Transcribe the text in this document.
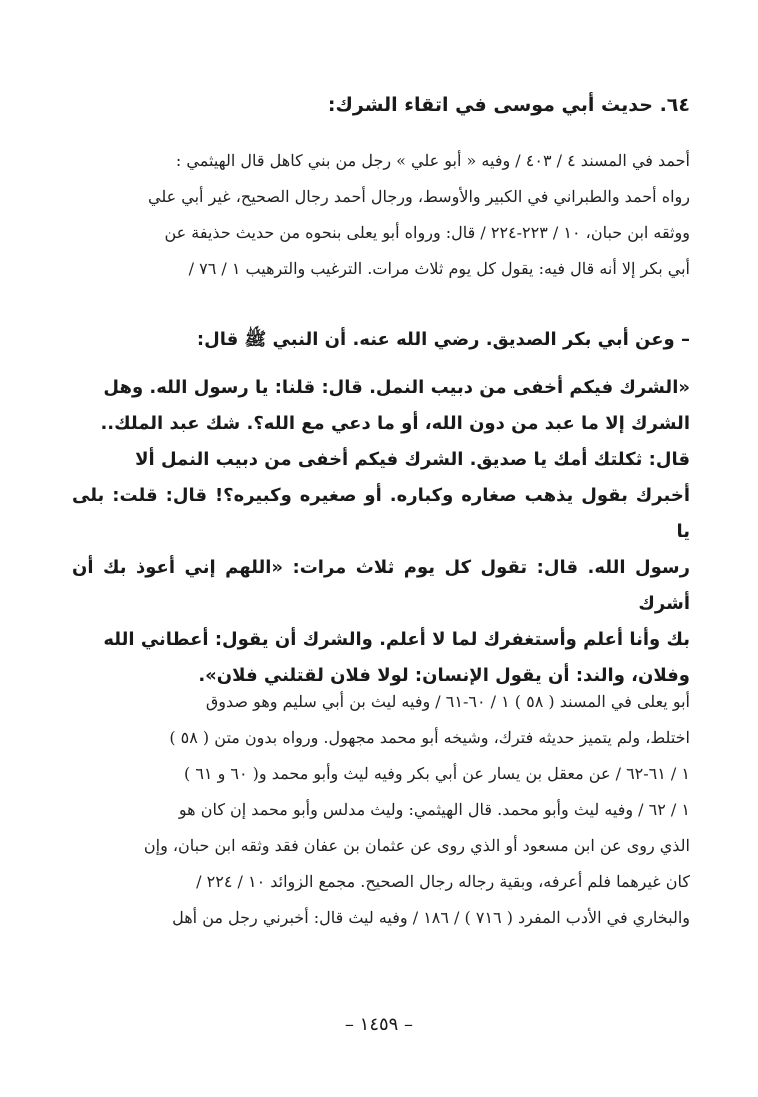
٦٤. حديث أبي موسى في اتقاء الشرك:

أحمد في المسند ٤ / ٤٠٣ / وفيه « أبو علي » رجل من بني كاهل قال الهيثمي :

رواه أحمد والطبراني في الكبير والأوسط، ورجال أحمد رجال الصحيح، غير أبي علي

ووثقه ابن حبان، ١٠ / ٢٢٣-٢٢٤ / قال: ورواه أبو يعلى بنحوه من حديث حذيفة عن

أبي بكر إلا أنه قال فيه: يقول كل يوم ثلاث مرات. الترغيب والترهيب ١ / ٧٦ /

– وعن أبي بكر الصديق. رضي الله عنه. أن النبي ﷺ قال:

«الشرك فيكم أخفى من دبيب النمل. قال: قلنا: يا رسول الله. وهل

الشرك إلا ما عبد من دون الله، أو ما دعي مع الله؟. شك عبد الملك..

قال: ثكلتك أمك يا صديق. الشرك فيكم أخفى من دبيب النمل ألا

أخبرك بقول يذهب صغاره وكباره. أو صغيره وكبيره؟! قال: قلت: بلى يا

رسول الله. قال: تقول كل يوم ثلاث مرات: «اللهم إني أعوذ بك أن أشرك

بك وأنا أعلم وأستغفرك لما لا أعلم. والشرك أن يقول: أعطاني الله

وفلان، والند: أن يقول الإنسان: لولا فلان لقتلني فلان».

أبو يعلى في المسند ( ٥٨ ) ١ / ٦٠-٦١ / وفيه ليث بن أبي سليم وهو صدوق

اختلط، ولم يتميز حديثه فترك، وشيخه أبو محمد مجهول. ورواه بدون متن ( ٥٨ )

١ / ٦١-٦٢ / عن معقل بن يسار عن أبي بكر وفيه ليث وأبو محمد و( ٦٠ و ٦١ )

١ / ٦٢ / وفيه ليث وأبو محمد. قال الهيثمي: وليث مدلس وأبو محمد إن كان هو

الذي روى عن ابن مسعود أو الذي روى عن عثمان بن عفان فقد وثقه ابن حبان، وإن

كان غيرهما فلم أعرفه، وبقية رجاله رجال الصحيح. مجمع الزوائد ١٠ / ٢٢٤ /

والبخاري في الأدب المفرد ( ٧١٦ ) / ١٨٦ / وفيه ليث قال: أخبرني رجل من أهل

– ١٤٥٩ –
